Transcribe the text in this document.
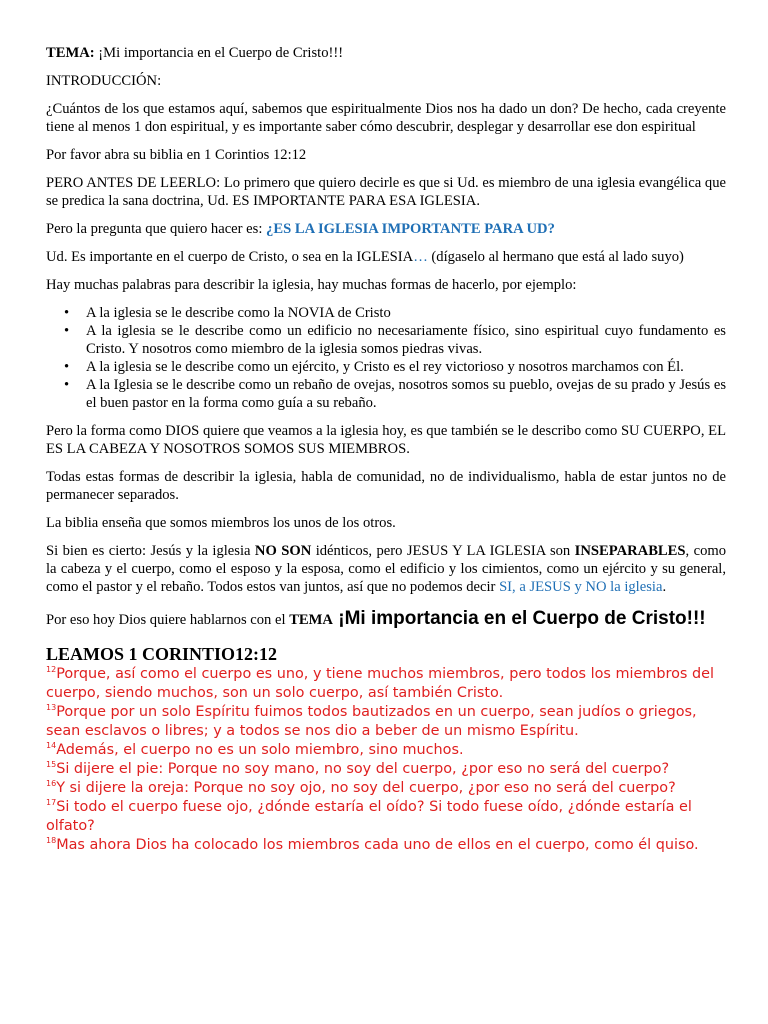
TEMA: ¡Mi importancia en el Cuerpo de Cristo!!!

INTRODUCCIÓN:

¿Cuántos de los que estamos aquí, sabemos que espiritualmente Dios nos ha dado un don? De hecho, cada creyente tiene al menos 1 don espiritual, y es importante saber cómo descubrir, desplegar y desarrollar ese don espiritual

Por favor abra su biblia en 1 Corintios 12:12

PERO ANTES DE LEERLO: Lo primero que quiero decirle es que si Ud. es miembro de una iglesia evangélica que se predica la sana doctrina, Ud. ES IMPORTANTE PARA ESA IGLESIA.

Pero la pregunta que quiero hacer es: ¿ES LA IGLESIA IMPORTANTE PARA UD?

Ud. Es importante en el cuerpo de Cristo, o sea en la IGLESIA… (dígaselo al hermano que está al lado suyo)

Hay muchas palabras para describir la iglesia, hay muchas formas de hacerlo, por ejemplo:

• A la iglesia se le describe como la NOVIA de Cristo
• A la iglesia se le describe como un edificio no necesariamente físico, sino espiritual cuyo fundamento es Cristo. Y nosotros como miembro de la iglesia somos piedras vivas.
• A la iglesia se le describe como un ejército, y Cristo es el rey victorioso y nosotros marchamos con Él.
• A la Iglesia se le describe como un rebaño de ovejas, nosotros somos su pueblo, ovejas de su prado y Jesús es el buen pastor en la forma como guía a su rebaño.

Pero la forma como DIOS quiere que veamos a la iglesia hoy, es que también se le describo como SU CUERPO, EL ES LA CABEZA Y NOSOTROS SOMOS SUS MIEMBROS.

Todas estas formas de describir la iglesia, habla de comunidad, no de individualismo, habla de estar juntos no de permanecer separados.

La biblia enseña que somos miembros los unos de los otros.

Si bien es cierto: Jesús y la iglesia NO SON idénticos, pero JESUS Y LA IGLESIA son INSEPARABLES, como la cabeza y el cuerpo, como el esposo y la esposa, como el edificio y los cimientos, como un ejército y su general, como el pastor y el rebaño. Todos estos van juntos, así que no podemos decir SI, a JESUS y NO la iglesia.

Por eso hoy Dios quiere hablarnos con el TEMA ¡Mi importancia en el Cuerpo de Cristo!!!

LEAMOS 1 CORINTIO12:12

$^{12}$Porque, así como el cuerpo es uno, y tiene muchos miembros, pero todos los miembros del cuerpo, siendo muchos, son un solo cuerpo, así también Cristo.

$^{13}$Porque por un solo Espíritu fuimos todos bautizados en un cuerpo, sean judíos o griegos, sean esclavos o libres; y a todos se nos dio a beber de un mismo Espíritu.

$^{14}$Además, el cuerpo no es un solo miembro, sino muchos.

$^{15}$Si dijere el pie: Porque no soy mano, no soy del cuerpo, ¿por eso no será del cuerpo?

$^{16}$Y si dijere la oreja: Porque no soy ojo, no soy del cuerpo, ¿por eso no será del cuerpo?

$^{17}$Si todo el cuerpo fuese ojo, ¿dónde estaría el oído? Si todo fuese oído, ¿dónde estaría el olfato?

$^{18}$Mas ahora Dios ha colocado los miembros cada uno de ellos en el cuerpo, como él quiso.
